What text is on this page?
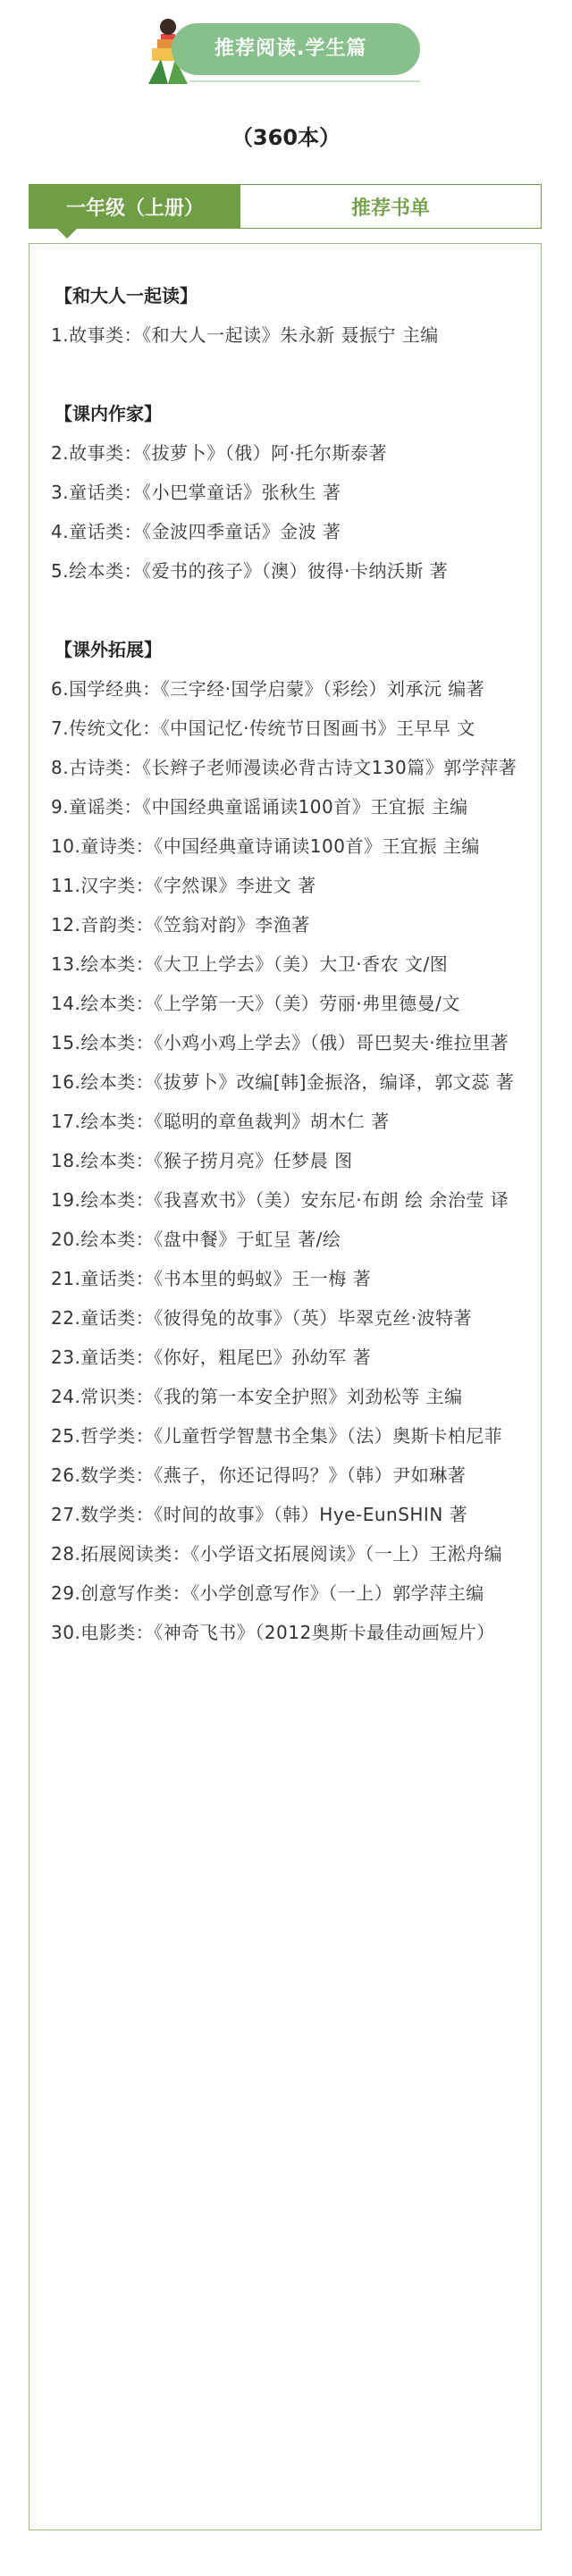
推荐阅读.学生篇
（360本）
一年级（上册）	推荐书单
【和大人一起读】
1.故事类：《和大人一起读》朱永新 聂振宁 主编
【课内作家】
2.故事类：《拔萝卜》（俄）阿·托尔斯泰著
3.童话类：《小巴掌童话》张秋生 著
4.童话类：《金波四季童话》金波 著
5.绘本类：《爱书的孩子》（澳）彼得·卡纳沃斯 著
【课外拓展】
6.国学经典：《三字经·国学启蒙》（彩绘）刘承沅 编著
7.传统文化：《中国记忆·传统节日图画书》王早早 文
8.古诗类：《长辫子老师漫读必背古诗文130篇》郭学萍著
9.童谣类：《中国经典童谣诵读100首》王宜振 主编
10.童诗类：《中国经典童诗诵读100首》王宜振 主编
11.汉字类：《字然课》李进文 著
12.音韵类：《笠翁对韵》李渔著
13.绘本类：《大卫上学去》（美）大卫·香农 文/图
14.绘本类：《上学第一天》（美）劳丽·弗里德曼/文
15.绘本类：《小鸡小鸡上学去》（俄）哥巴契夫·维拉里著
16.绘本类：《拔萝卜》改编[韩]金振洛，编译，郭文蕊 著
17.绘本类：《聪明的章鱼裁判》胡木仁 著
18.绘本类：《猴子捞月亮》任梦晨 图
19.绘本类：《我喜欢书》（美）安东尼·布朗 绘 余治莹 译
20.绘本类：《盘中餐》于虹呈 著/绘
21.童话类：《书本里的蚂蚁》王一梅 著
22.童话类：《彼得兔的故事》（英）毕翠克丝·波特著
23.童话类：《你好，粗尾巴》孙幼军 著
24.常识类：《我的第一本安全护照》刘劲松等 主编
25.哲学类：《儿童哲学智慧书全集》（法）奥斯卡柏尼菲
26.数学类：《燕子，你还记得吗？》（韩）尹如琳著
27.数学类：《时间的故事》（韩）Hye-EunSHIN 著
28.拓展阅读类：《小学语文拓展阅读》（一上）王淞舟编
29.创意写作类：《小学创意写作》（一上）郭学萍主编
30.电影类：《神奇飞书》（2012奥斯卡最佳动画短片）
